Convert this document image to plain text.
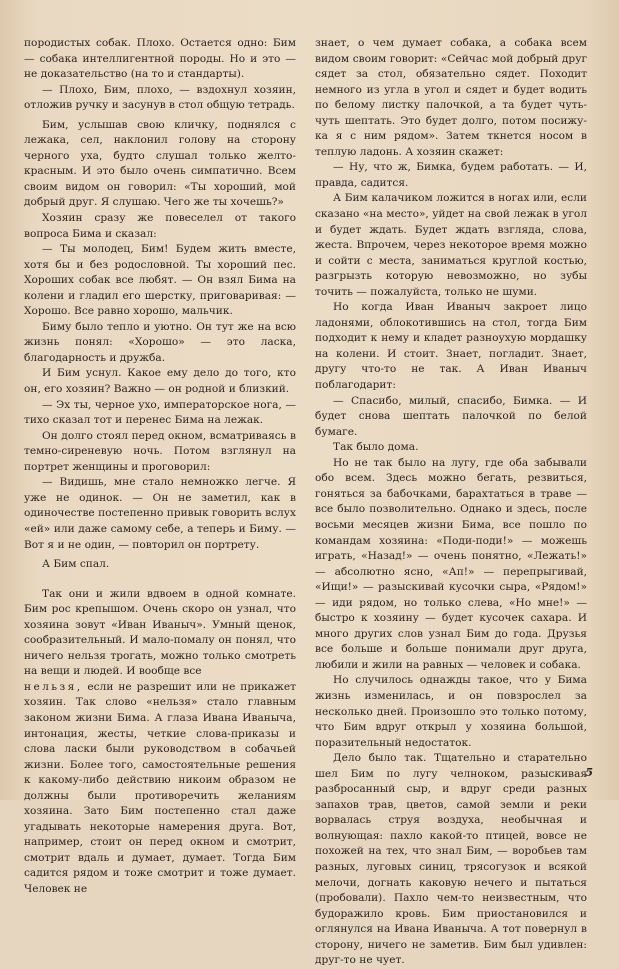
породистых собак. Плохо. Остается одно: Бим — собака интеллигентной породы. Но и это — не доказательство (на то и стандарты).

— Плохо, Бим, плохо, — вздохнул хозяин, отложив ручку и засунув в стол общую тетрадь.

Бим, услышав свою кличку, поднялся с лежака, сел, наклонил голову на сторону черного уха, будто слушал только желто-красным. И это было очень симпатично. Всем своим видом он говорил: «Ты хороший, мой добрый друг. Я слушаю. Чего же ты хочешь?»

Хозяин сразу же повеселел от такого вопроса Бима и сказал:

— Ты молодец, Бим! Будем жить вместе, хотя бы и без родословной. Ты хороший пес. Хороших собак все любят. — Он взял Бима на колени и гладил его шерстку, приговаривая: — Хорошо. Все равно хорошо, мальчик.

Биму было тепло и уютно. Он тут же на всю жизнь понял: «Хорошо» — это ласка, благодарность и дружба.

И Бим уснул. Какое ему дело до того, кто он, его хозяин? Важно — он родной и близкий.

— Эх ты, черное ухо, императорское ногa, — тихо сказал тот и перенес Бима на лежак.

Он долго стоял перед окном, всматриваясь в темно-сиреневую ночь. Потом взглянул на портрет женщины и проговорил:

— Видишь, мне стало немножко легче. Я уже не одинок. — Он не заметил, как в одиночестве постепенно привык говорить вслух «ей» или даже самому себе, а теперь и Биму. — Вот я и не один, — повторил он портрету.

А Бим спал.

Так они и жили вдвоем в одной комнате. Бим рос крепышом. Очень скоро он узнал, что хозяина зовут «Иван Иваныч». Умный щенок, сообразительный. И мало-помалу он понял, что ничего нельзя трогать, можно только смотреть на вещи и людей. И вообще все

нельзя, если не разрешит или не прикажет хозяин. Так слово «нельзя» стало главным законом жизни Бима. А глаза Ивана Иваныча, интонация, жесты, четкие слова-приказы и слова ласки были руководством в собачьей жизни. Более того, самостоятельные решения к какому-либо действию никоим образом не должны были противоречить желаниям хозяина. Зато Бим постепенно стал даже угадывать некоторые намерения друга. Вот, например, стоит он перед окном и смотрит, смотрит вдаль и думает, думает. Тогда Бим садится рядом и тоже смотрит и тоже думает. Человек не

знает, о чем думает собака, а собака всем видом своим говорит: «Сейчас мой добрый друг сядет за стол, обязательно сядет. Походит немного из угла в угол и сядет и будет водить по белому листку палочкой, а та будет чуть-чуть шептать. Это будет долго, потом посижу-ка я с ним рядом». Затем ткнется носом в теплую ладонь. А хозяин скажет:

— Ну, что ж, Бимка, будем работать. — И, правда, садится.

А Бим калачиком ложится в ногах или, если сказано «на место», уйдет на свой лежак в угол и будет ждать. Будет ждать взгляда, слова, жеста. Впрочем, через некоторое время можно и сойти с места, заниматься круглой костью, разгрызть которую невозможно, но зубы точить — пожалуйста, только не шуми.

Но когда Иван Иваныч закроет лицо ладонями, облокотившись на стол, тогда Бим подходит к нему и кладет разноухую мордашку на колени. И стоит. Знает, погладит. Знает, другу что-то не так. А Иван Иваныч поблагодарит:

— Спасибо, милый, спасибо, Бимка. — И будет снова шептать палочкой по белой бумаге.

Так было дома.

Но не так было на лугу, где оба забывали обо всем. Здесь можно бегать, резвиться, гоняться за бабочками, барахтаться в траве — все было позволительно. Однако и здесь, после восьми месяцев жизни Бима, все пошло по командам хозяина: «Поди-поди!» — можешь играть, «Назад!» — очень понятно, «Лежать!» — абсолютно ясно, «Ап!» — перепрыгивай, «Ищи!» — разыскивай кусочки сыра, «Рядом!» — иди рядом, но только слева, «Но мне!» — быстро к хозяину — будет кусочек сахара. И много других слов узнал Бим до года. Друзья все больше и больше понимали друг друга, любили и жили на равных — человек и собака.

Но случилось однажды такое, что у Бима жизнь изменилась, и он повзрослел за несколько дней. Произошло это только потому, что Бим вдруг открыл у хозяина большой, поразительный недостаток.

Дело было так. Тщательно и старательно шел Бим по лугу челноком, разыскивая разбросанный сыр, и вдруг среди разных запахов трав, цветов, самой земли и реки ворвалась струя воздуха, необычная и волнующая: пахло какой-то птицей, вовсе не похожей на тех, что знал Бим, — воробьев там разных, луговых синиц, трясогузок и всякой мелочи, догнать каковую нечего и пытаться (пробовали). Пахло чем-то неизвестным, что будоражило кровь. Бим приостановился и оглянулся на Ивана Иваныча. А тот повернул в сторону, ничего не заметив. Бим был удивлен: друг-то не чует.

5
